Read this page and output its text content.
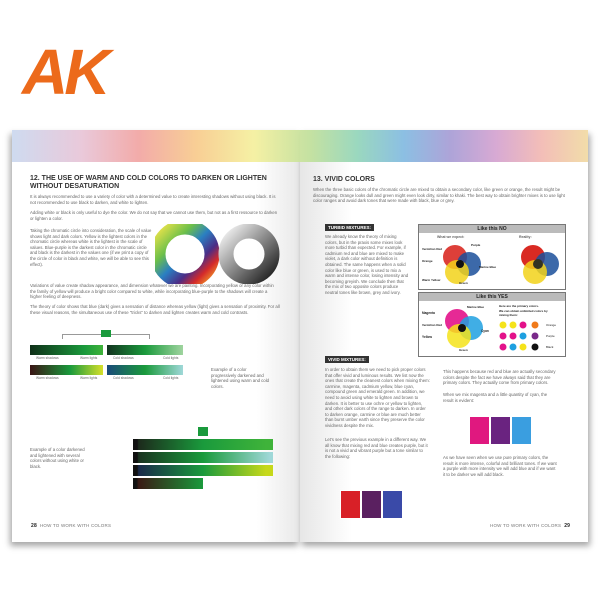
AK
12. THE USE OF WARM AND COLD COLORS TO DARKEN OR LIGHTEN WITHOUT DESATURATION
It is always recommended to use a variety of color with a determined value to create interesting shadows without using black. It is not recommended to use black to darken, and white to lighten.
Adding white or black is only useful to dye the color. We do not say that we cannot use them, but not as a first ressource to darken or lighten a color.
Taking the chromatic circle into consideration, the scale of value shows light and dark colors. Yellow is the lightest colors in the chromatic circle whereas white is the lightest in the scale of values. Blue-purple is the darkest color in the chromatic circle and black is the darkest in the values one (if we print a copy of the circle of color in black and white, we will be able to see this effect).
Variations of value create shadow appearance, and dimension whatever we are painting. Incorporating yellow or any color within the family of yellow will produce a bright color compared to white, while incorporating blue-purple to the shadows will create a higher feeling of deepness.
The theory of color shows that blue (dark) gives a sensation of distance whereas yellow (light) gives a sensation of proximity. For all these visual reasons, the simultaneous use of these "tricks" to darken and lighten creates warm and cold contrasts.
Warm shadows	Warm lights	Cold shadows	Cold lights
Warm shadows	Warm lights	Cold shadows	Cold lights
Example of a color progressively darkened and lightened using warm and cold colors.
Example of a color darkened and lightened with several colors without using white or black.
28 HOW TO WORK WITH COLORS
13. VIVID COLORS
When the three basic colors of the chromatic circle are mixed to obtain a secondary color, like green or orange, the result might be discouraging. Orange looks dull and green might even look dirty, similar to khaki. The best way to obtain brighter mixes is to use light color ranges and avoid dark tones that were made with black, blue or grey.
TURBID MIXTURES:
We already know the theory of mixing colors, but in the praxis some mixes look more turbid than expected. For example, if cadmium red and blue are mixed to make violet, a dark color without definition is obtained. The same happens when a solid color like blue or green, is used to mix a warm and intense color, losing intensity and becoming greyish. We conclude then that the mix of two opposite colors produce neutral tones like brown, grey and ivory.
Like this NO
What we expect:	Reality:
Vermilion Red
Orange
Purple
Warm Yellow
Marine Blue
Green
Like this YES
Magenta
Marine Blue
Vermilion Red
Yellow
Cyan
Green
Here are the primary colors.
We can obtain unlimited colors by mixing them:
Orange
Purple
Black
VIVID MIXTURES:
In order to obtain them we need to pick proper colors that offer vivid and luminous results. We list now the ones that create the cleanest colors when mixing them: carmine, magenta, cadmium yellow, blue cyan, compound green and emerald green. In addition, we need to avoid using white to lighten and brown to darken. It is better to use ochre or yellow to lighten, and other dark colors of the range to darken. In order to darken orange, carmine or blue are much better than burnt umber earth since they preserve the color vividness despite the mix.
Let's see the previous example in a different way. We all know that mixing red and blue creates purple, but it is not a vivid and vibrant purple but a tone similar to the following:
This happens because red and blue are actually secondary colors despite the fact we have always said that they are primary colors. They actually come from primary colors.
When we mix magenta and a little quantity of cyan, the result is evident:
As we have seen when we use pure primary colors, the result is more intense, colorful and brilliant tones. If we want a purple with more intensity we will add blue and if we want it to be darker we will add black.
HOW TO WORK WITH COLORS 29
